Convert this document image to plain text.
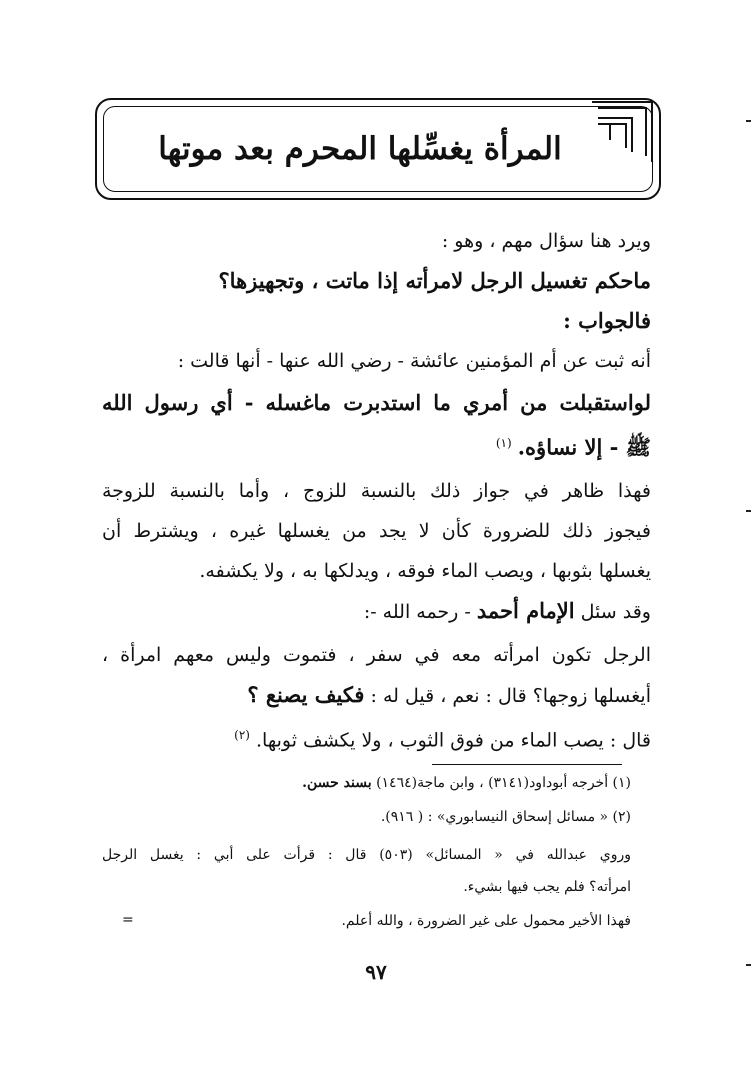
المرأة يغسِّلها المحرم بعد موتها
ويرد هنا سؤال مهم ، وهو :
ماحكم تغسيل الرجل لامرأته إذا ماتت ، وتجهيزها؟
فالجواب :
أنه ثبت عن أم المؤمنين عائشة - رضي الله عنها - أنها قالت :
لواستقبلت من أمري ما استدبرت ماغسله - أي رسول الله
ﷺ - إلا نساؤه. $^{(١)}$
فهذا ظاهر في جواز ذلك بالنسبة للزوج ، وأما بالنسبة للزوجة
فيجوز ذلك للضرورة كأن لا يجد من يغسلها غيره ، ويشترط أن
يغسلها بثوبها ، ويصب الماء فوقه ، ويدلكها به ، ولا يكشفه.
وقد سئل الإمام أحمد - رحمه الله -:
الرجل تكون امرأته معه في سفر ، فتموت وليس معهم امرأة ،
أيغسلها زوجها؟ قال : نعم ، قيل له : فكيف يصنع ؟
قال : يصب الماء من فوق الثوب ، ولا يكشف ثوبها. $^{(٢)}$
(١) أخرجه أبوداود(٣١٤١) ، وابن ماجة(١٤٦٤) بسند حسن.
(٢) « مسائل إسحاق النيسابوري» : ( ٩١٦).
وروي عبدالله في « المسائل» (٥٠٣) قال : قرأت على أبي : يغسل الرجل
امرأته؟ فلم يجب فيها بشيء.
فهذا الأخير محمول على غير الضرورة ، والله أعلم.
=
٩٧
